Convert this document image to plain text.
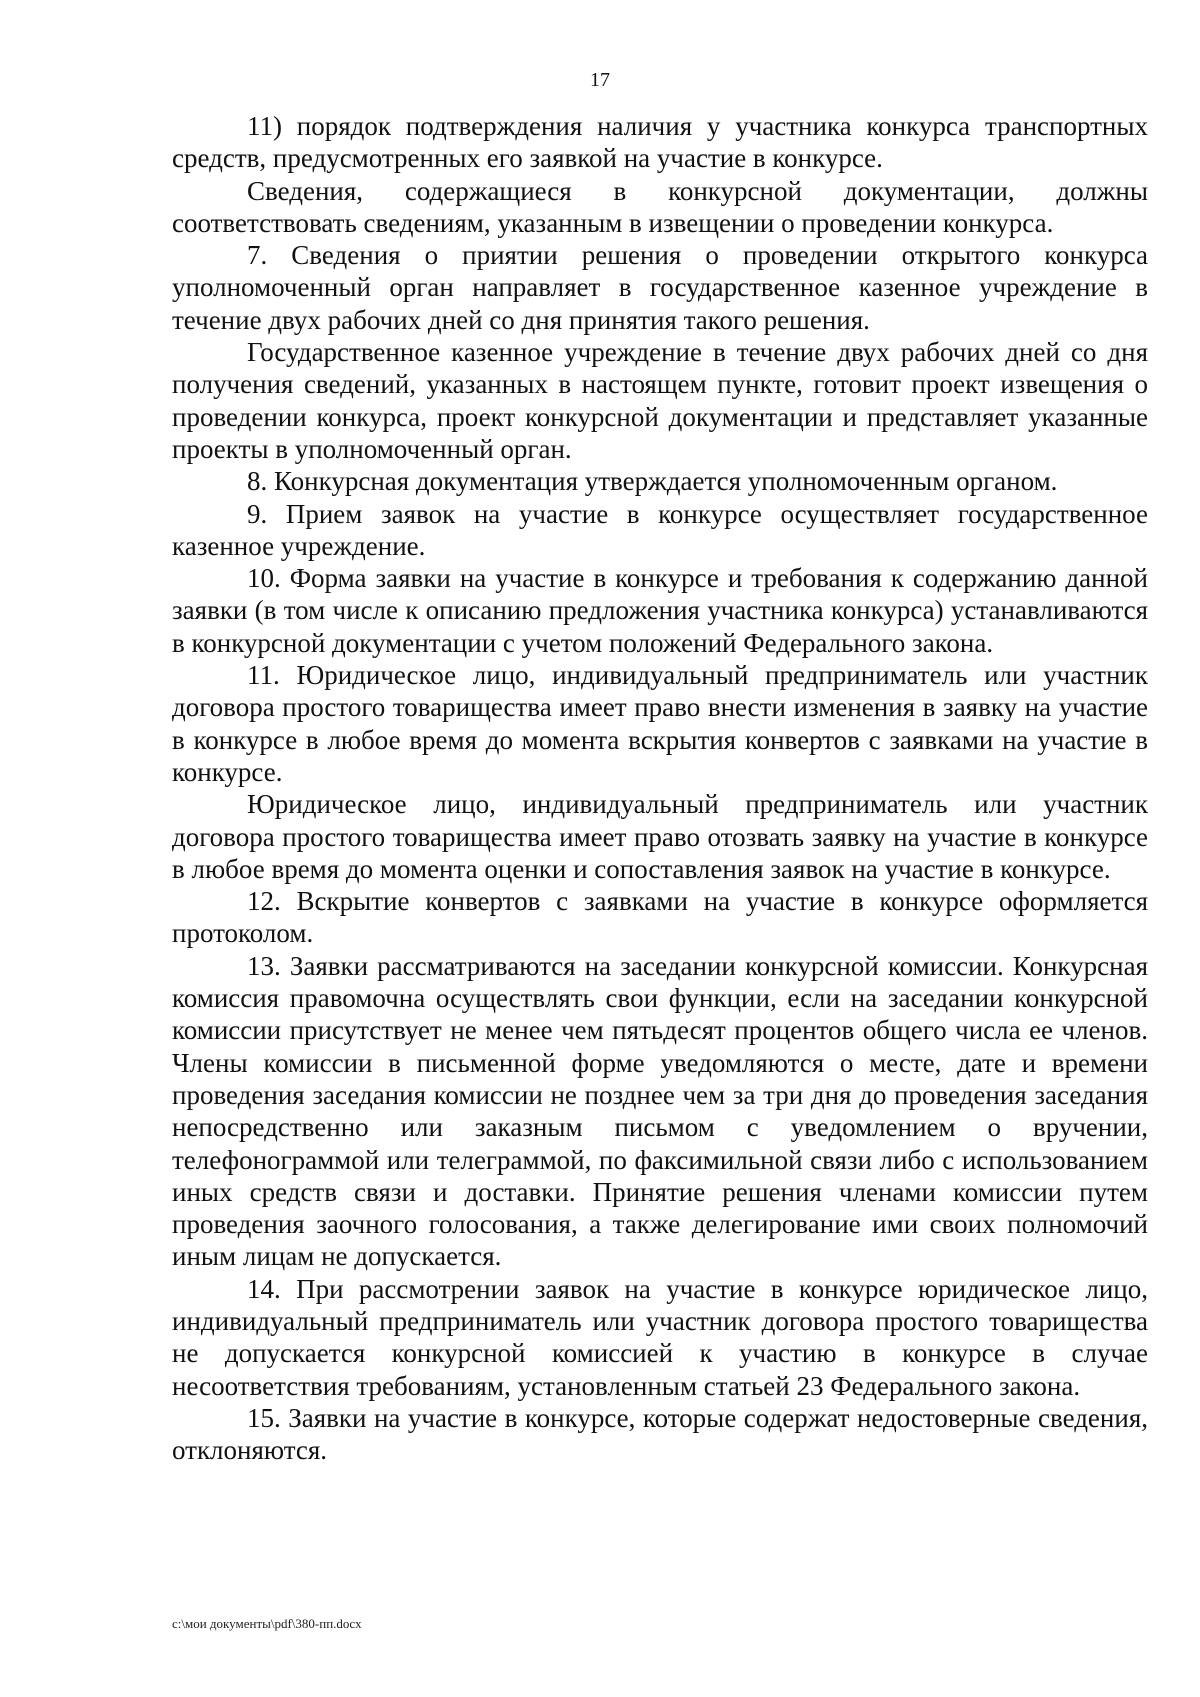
17

11) порядок подтверждения наличия у участника конкурса транспортных средств, предусмотренных его заявкой на участие в конкурсе.

Сведения, содержащиеся в конкурсной документации, должны соответствовать сведениям, указанным в извещении о проведении конкурса.

7. Сведения о приятии решения о проведении открытого конкурса уполномоченный орган направляет в государственное казенное учреждение в течение двух рабочих дней со дня принятия такого решения.

Государственное казенное учреждение в течение двух рабочих дней со дня получения сведений, указанных в настоящем пункте, готовит проект извещения о проведении конкурса, проект конкурсной документации и представляет указанные проекты в уполномоченный орган.

8. Конкурсная документация утверждается уполномоченным органом.

9. Прием заявок на участие в конкурсе осуществляет государственное казенное учреждение.

10. Форма заявки на участие в конкурсе и требования к содержанию данной заявки (в том числе к описанию предложения участника конкурса) устанавливаются в конкурсной документации с учетом положений Федерального закона.

11. Юридическое лицо, индивидуальный предприниматель или участник договора простого товарищества имеет право внести изменения в заявку на участие в конкурсе в любое время до момента вскрытия конвертов с заявками на участие в конкурсе.

Юридическое лицо, индивидуальный предприниматель или участник договора простого товарищества имеет право отозвать заявку на участие в конкурсе в любое время до момента оценки и сопоставления заявок на участие в конкурсе.

12. Вскрытие конвертов с заявками на участие в конкурсе оформляется протоколом.

13. Заявки рассматриваются на заседании конкурсной комиссии. Конкурсная комиссия правомочна осуществлять свои функции, если на заседании конкурсной комиссии присутствует не менее чем пятьдесят процентов общего числа ее членов. Члены комиссии в письменной форме уведомляются о месте, дате и времени проведения заседания комиссии не позднее чем за три дня до проведения заседания непосредственно или заказным письмом с уведомлением о вручении, телефонограммой или телеграммой, по факсимильной связи либо с использованием иных средств связи и доставки. Принятие решения членами комиссии путем проведения заочного голосования, а также делегирование ими своих полномочий иным лицам не допускается.

14. При рассмотрении заявок на участие в конкурсе юридическое лицо, индивидуальный предприниматель или участник договора простого товарищества не допускается конкурсной комиссией к участию в конкурсе в случае несоответствия требованиям, установленным статьей 23 Федерального закона.

15. Заявки на участие в конкурсе, которые содержат недостоверные сведения, отклоняются.

c:\мои документы\pdf\380-пп.docx
